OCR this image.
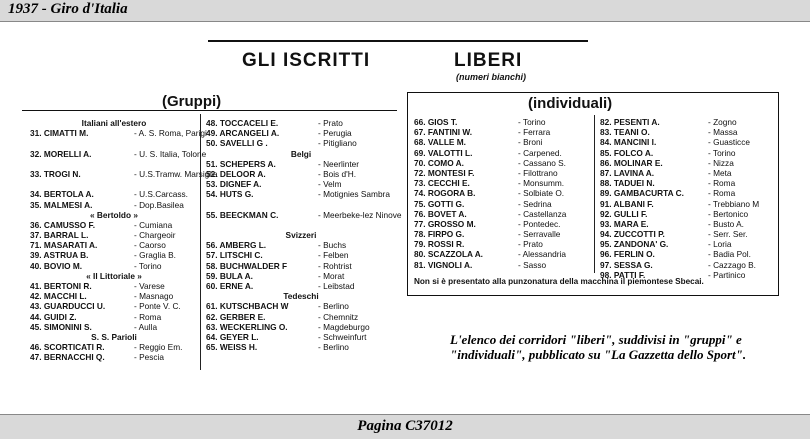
1937 - Giro d'Italia
GLI ISCRITTI	LIBERI
(numeri bianchi)
(Gruppi)
Italiani all'estero
31. CIMATTI M.	- A. S. Roma, Parigi
32. MORELLI A.	- U. S. Italia, Tolone
33. TROGI N.	- U.S.Tramw. Marsiglia
34. BERTOLA A.	- U.S.Carcass.
35. MALMESI A.	- Dop.Basilea
« Bertoldo »
36. CAMUSSO F.	- Cumiana
37. BARRAL L.	- Chargeoir
71. MASARATI A.	- Caorso
39. ASTRUA B.	- Graglia B.
40. BOVIO M.	- Torino
« Il Littoriale »
41. BERTONI R.	- Varese
42. MACCHI L.	- Masnago
43. GUARDUCCI U.	- Ponte V. C.
44. GUIDI Z.	- Roma
45. SIMONINI S.	- Aulla
S. S. Parioli
46. SCORTICATI R.	- Reggio Em.
47. BERNACCHI Q.	- Pescia
48. TOCCACELI E.	- Prato
49. ARCANGELI A.	- Perugia
50. SAVELLI G .	- Pitigliano
Belgi
51. SCHEPERS A.	- Neerlinter
52. DELOOR A.	- Bois d'H.
53. DIGNEF A.	- Velm
54. HUTS G.	- Motignies Sambra
55. BEECKMAN C.	- Meerbeke-lez Ninove
Svizzeri
56. AMBERG L.	- Buchs
57. LITSCHI C.	- Felben
58. BUCHWALDER F	- Rohtrist
59. BULA A.	- Morat
60. ERNE A.	- Leibstad
Tedeschi
61. KUTSCHBACH W	- Berlino
62. GERBER E.	- Chemnitz
63. WECKERLING O.	- Magdeburgo
64. GEYER L.	- Schweinfurt
65. WEISS H.	- Berlino
(individuali)
66. GIOS T.	- Torino
67. FANTINI W.	- Ferrara
68. VALLE M.	- Broni
69. VALOTTI L.	- Carpened.
70. COMO A.	- Cassano S.
72. MONTESI F.	- Filottrano
73. CECCHI E.	- Monsumm.
74. ROGORA B.	- Solbiate O.
75. GOTTI G.	- Sedrina
76. BOVET A.	- Castellanza
77. GROSSO M.	- Pontedec.
78. FIRPO G.	- Serravalle
79. ROSSI R.	- Prato
80. SCAZZOLA A.	- Alessandria
81. VIGNOLI A.	- Sasso
82. PESENTI A.	- Zogno
83. TEANI O.	- Massa
84. MANCINI I.	- Guasticce
85. FOLCO A.	- Torino
86. MOLINAR E.	- Nizza
87. LAVINA A.	- Meta
88. TADUEI N.	- Roma
89. GAMBACURTA C.	- Roma
91. ALBANI F.	- Trebbiano M
92. GULLI F.	- Bertonico
93. MARA E.	- Busto A.
94. ZUCCOTTI P.	- Serr. Ser.
95. ZANDONA' G.	- Loria
96. FERLIN O.	- Badia Pol.
97. SESSA G.	- Cazzago B.
98. PATTI F.	- Partinico
Non si è presentato alla punzonatura della macchina il piemontese Sbecai.
L'elenco dei corridori "liberi", suddivisi in "gruppi" e "individuali", pubblicato su "La Gazzetta dello Sport".
Pagina C37012
